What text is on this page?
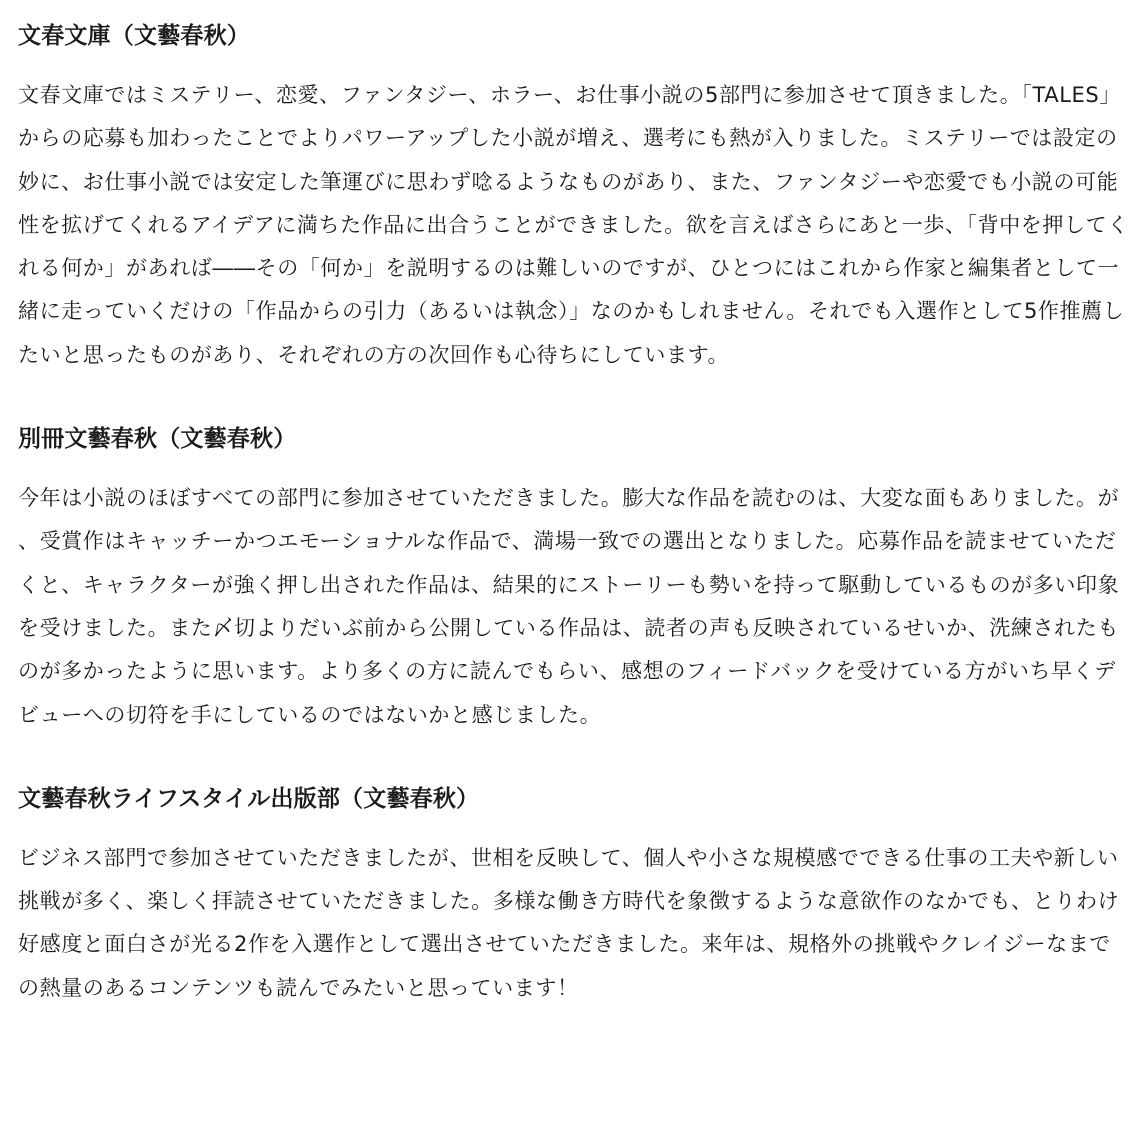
文春文庫（文藝春秋）

文春文庫ではミステリー、恋愛、ファンタジー、ホラー、お仕事小説の5部門に参加させて頂きました。「TALES」からの応募も加わったことでよりパワーアップした小説が増え、選考にも熱が入りました。ミステリーでは設定の妙に、お仕事小説では安定した筆運びに思わず唸るようなものがあり、また、ファンタジーや恋愛でも小説の可能性を拡げてくれるアイデアに満ちた作品に出合うことができました。欲を言えばさらにあと一歩、「背中を押してくれる何か」があれば――その「何か」を説明するのは難しいのですが、ひとつにはこれから作家と編集者として一緒に走っていくだけの「作品からの引力（あるいは執念）」なのかもしれません。それでも入選作として5作推薦したいと思ったものがあり、それぞれの方の次回作も心待ちにしています。

別冊文藝春秋（文藝春秋）

今年は小説のほぼすべての部門に参加させていただきました。膨大な作品を読むのは、大変な面もありました。が、受賞作はキャッチーかつエモーショナルな作品で、満場一致での選出となりました。応募作品を読ませていただくと、キャラクターが強く押し出された作品は、結果的にストーリーも勢いを持って駆動しているものが多い印象を受けました。また〆切よりだいぶ前から公開している作品は、読者の声も反映されているせいか、洗練されたものが多かったように思います。より多くの方に読んでもらい、感想のフィードバックを受けている方がいち早くデビューへの切符を手にしているのではないかと感じました。

文藝春秋ライフスタイル出版部（文藝春秋）

ビジネス部門で参加させていただきましたが、世相を反映して、個人や小さな規模感でできる仕事の工夫や新しい挑戦が多く、楽しく拝読させていただきました。多様な働き方時代を象徴するような意欲作のなかでも、とりわけ好感度と面白さが光る2作を入選作として選出させていただきました。来年は、規格外の挑戦やクレイジーなまでの熱量のあるコンテンツも読んでみたいと思っています！
